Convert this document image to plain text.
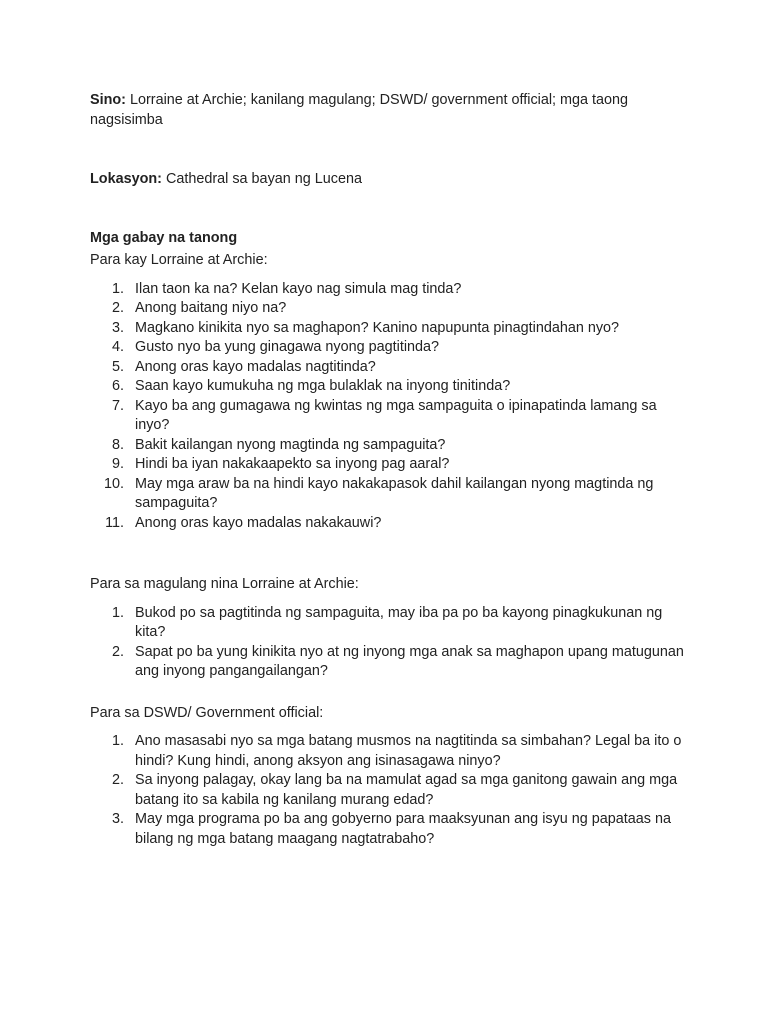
Sino: Lorraine at Archie; kanilang magulang; DSWD/ government official; mga taong nagsisimba

Lokasyon: Cathedral sa bayan ng Lucena

Mga gabay na tanong

Para kay Lorraine at Archie:

1. Ilan taon ka na? Kelan kayo nag simula mag tinda?
2. Anong baitang niyo na?
3. Magkano kinikita nyo sa maghapon? Kanino napupunta pinagtindahan nyo?
4. Gusto nyo ba yung ginagawa nyong pagtitinda?
5. Anong oras kayo madalas nagtitinda?
6. Saan kayo kumukuha ng mga bulaklak na inyong tinitinda?
7. Kayo ba ang gumagawa ng kwintas ng mga sampaguita o ipinapatinda lamang sa inyo?
8. Bakit kailangan nyong magtinda ng sampaguita?
9. Hindi ba iyan nakakaapekto sa inyong pag aaral?
10. May mga araw ba na hindi kayo nakakapasok dahil kailangan nyong magtinda ng sampaguita?
11. Anong oras kayo madalas nakakauwi?

Para sa magulang nina Lorraine at Archie:

1. Bukod po sa pagtitinda ng sampaguita, may iba pa po ba kayong pinagkukunan ng kita?
2. Sapat po ba yung kinikita nyo at ng inyong mga anak sa maghapon upang matugunan ang inyong pangangailangan?

Para sa DSWD/ Government official:

1. Ano masasabi nyo sa mga batang musmos na nagtitinda sa simbahan? Legal ba ito o hindi? Kung hindi, anong aksyon ang isinasagawa ninyo?
2. Sa inyong palagay, okay lang ba na mamulat agad sa mga ganitong gawain ang mga batang ito sa kabila ng kanilang murang edad?
3. May mga programa po ba ang gobyerno para maaksyunan ang isyu ng papataas na bilang ng mga batang maagang nagtatrabaho?
